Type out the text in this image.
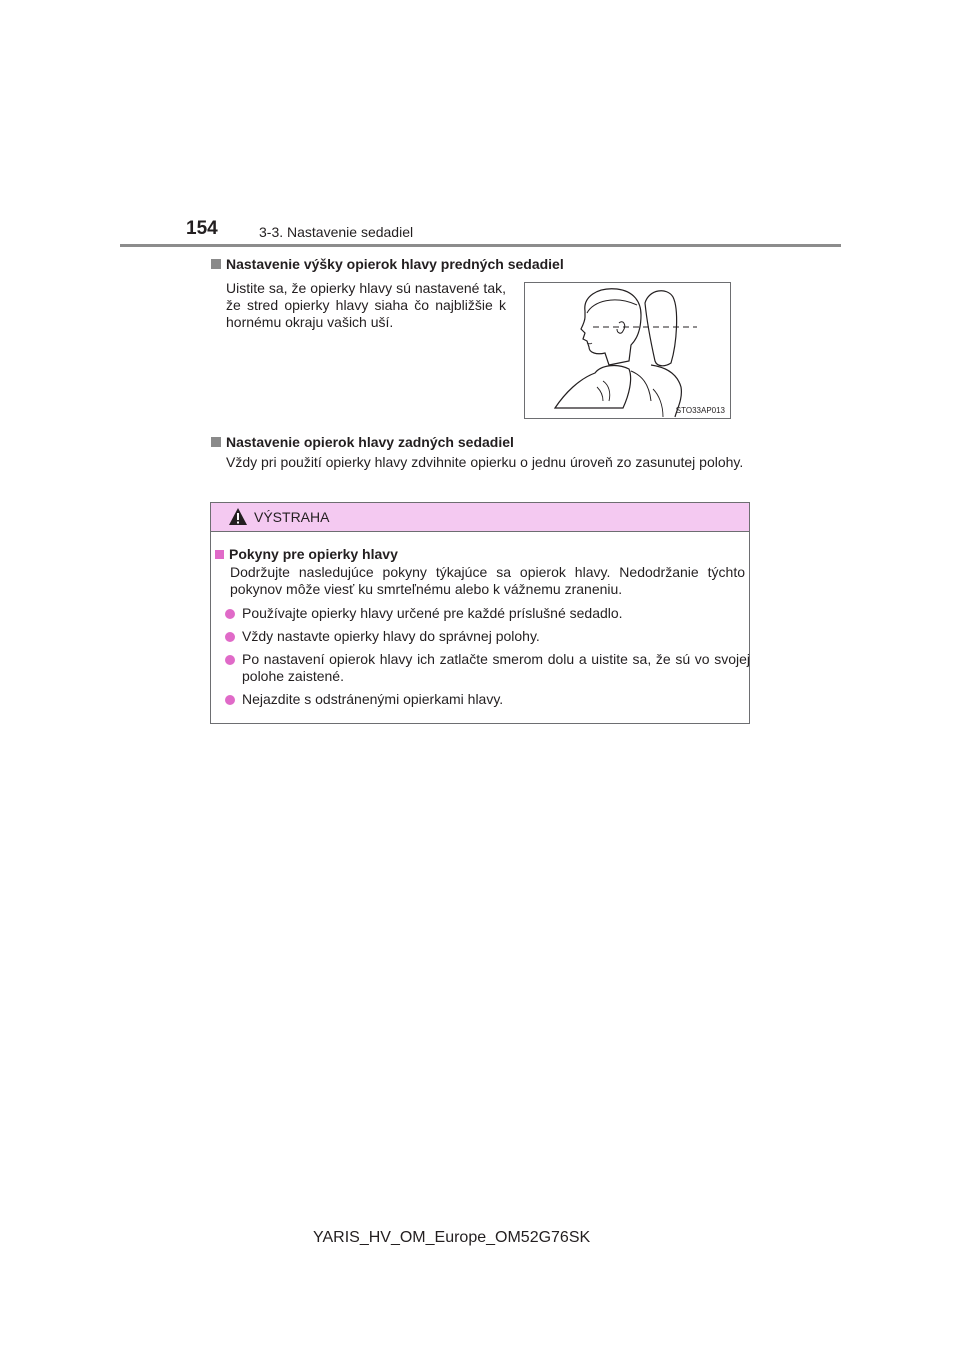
154	3-3. Nastavenie sedadiel
Nastavenie výšky opierok hlavy predných sedadiel

Uistite sa, že opierky hlavy sú nastavené tak, že stred opierky hlavy siaha čo najbližšie k hornému okraju vašich uší.

STO33AP013
Nastavenie opierok hlavy zadných sedadiel

Vždy pri použití opierky hlavy zdvihnite opierku o jednu úroveň zo zasunutej polohy.

VÝSTRAHA
Pokyny pre opierky hlavy

Dodržujte nasledujúce pokyny týkajúce sa opierok hlavy. Nedodržanie týchto pokynov môže viesť ku smrteľnému alebo k vážnemu zraneniu.

Používajte opierky hlavy určené pre každé príslušné sedadlo.
Vždy nastavte opierky hlavy do správnej polohy.
Po nastavení opierok hlavy ich zatlačte smerom dolu a uistite sa, že sú vo svojej polohe zaistené.
Nejazdite s odstránenými opierkami hlavy.
YARIS_HV_OM_Europe_OM52G76SK
